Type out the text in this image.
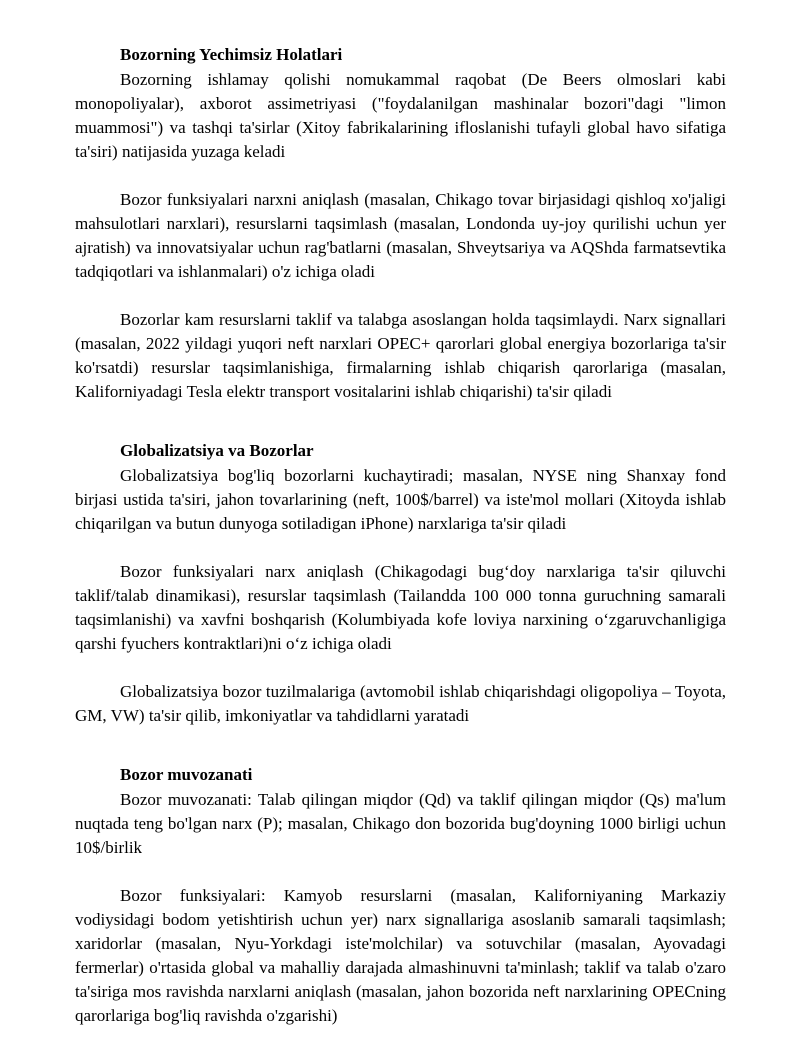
Bozorning Yechimsiz Holatlari

Bozorning ishlamay qolishi nomukammal raqobat (De Beers olmoslari kabi monopoliyalar), axborot assimetriyasi ("foydalanilgan mashinalar bozori"dagi "limon muammosi") va tashqi ta'sirlar (Xitoy fabrikalarining ifloslanishi tufayli global havo sifatiga ta'siri) natijasida yuzaga keladi

Bozor funksiyalari narxni aniqlash (masalan, Chikago tovar birjasidagi qishloq xo'jaligi mahsulotlari narxlari), resurslarni taqsimlash (masalan, Londonda uy-joy qurilishi uchun yer ajratish) va innovatsiyalar uchun rag'batlarni (masalan, Shveytsariya va AQShda farmatsevtika tadqiqotlari va ishlanmalari) o'z ichiga oladi

Bozorlar kam resurslarni taklif va talabga asoslangan holda taqsimlaydi. Narx signallari (masalan, 2022 yildagi yuqori neft narxlari OPEC+ qarorlari global energiya bozorlariga ta'sir ko'rsatdi) resurslar taqsimlanishiga, firmalarning ishlab chiqarish qarorlariga (masalan, Kaliforniyadagi Tesla elektr transport vositalarini ishlab chiqarishi) ta'sir qiladi

Globalizatsiya va Bozorlar

Globalizatsiya bog'liq bozorlarni kuchaytiradi; masalan, NYSE ning Shanxay fond birjasi ustida ta'siri, jahon tovarlarining (neft, 100$/barrel) va iste'mol mollari (Xitoyda ishlab chiqarilgan va butun dunyoga sotiladigan iPhone) narxlariga ta'sir qiladi

Bozor funksiyalari narx aniqlash (Chikagodagi bug‘doy narxlariga ta'sir qiluvchi taklif/talab dinamikasi), resurslar taqsimlash (Tailandda 100 000 tonna guruchning samarali taqsimlanishi) va xavfni boshqarish (Kolumbiyada kofe loviya narxining o‘zgaruvchanligiga qarshi fyuchers kontraktlari)ni o‘z ichiga oladi

Globalizatsiya bozor tuzilmalariga (avtomobil ishlab chiqarishdagi oligopoliya – Toyota, GM, VW) ta'sir qilib, imkoniyatlar va tahdidlarni yaratadi

Bozor muvozanati

Bozor muvozanati: Talab qilingan miqdor (Qd) va taklif qilingan miqdor (Qs) ma'lum nuqtada teng bo'lgan narx (P); masalan, Chikago don bozorida bug'doyning 1000 birligi uchun 10$/birlik

Bozor funksiyalari: Kamyob resurslarni (masalan, Kaliforniyaning Markaziy vodiysidagi bodom yetishtirish uchun yer) narx signallariga asoslanib samarali taqsimlash; xaridorlar (masalan, Nyu-Yorkdagi iste'molchilar) va sotuvchilar (masalan, Ayovadagi fermerlar) o'rtasida global va mahalliy darajada almashinuvni ta'minlash; taklif va talab o'zaro ta'siriga mos ravishda narxlarni aniqlash (masalan, jahon bozorida neft narxlarining OPECning qarorlariga bog'liq ravishda o'zgarishi)
